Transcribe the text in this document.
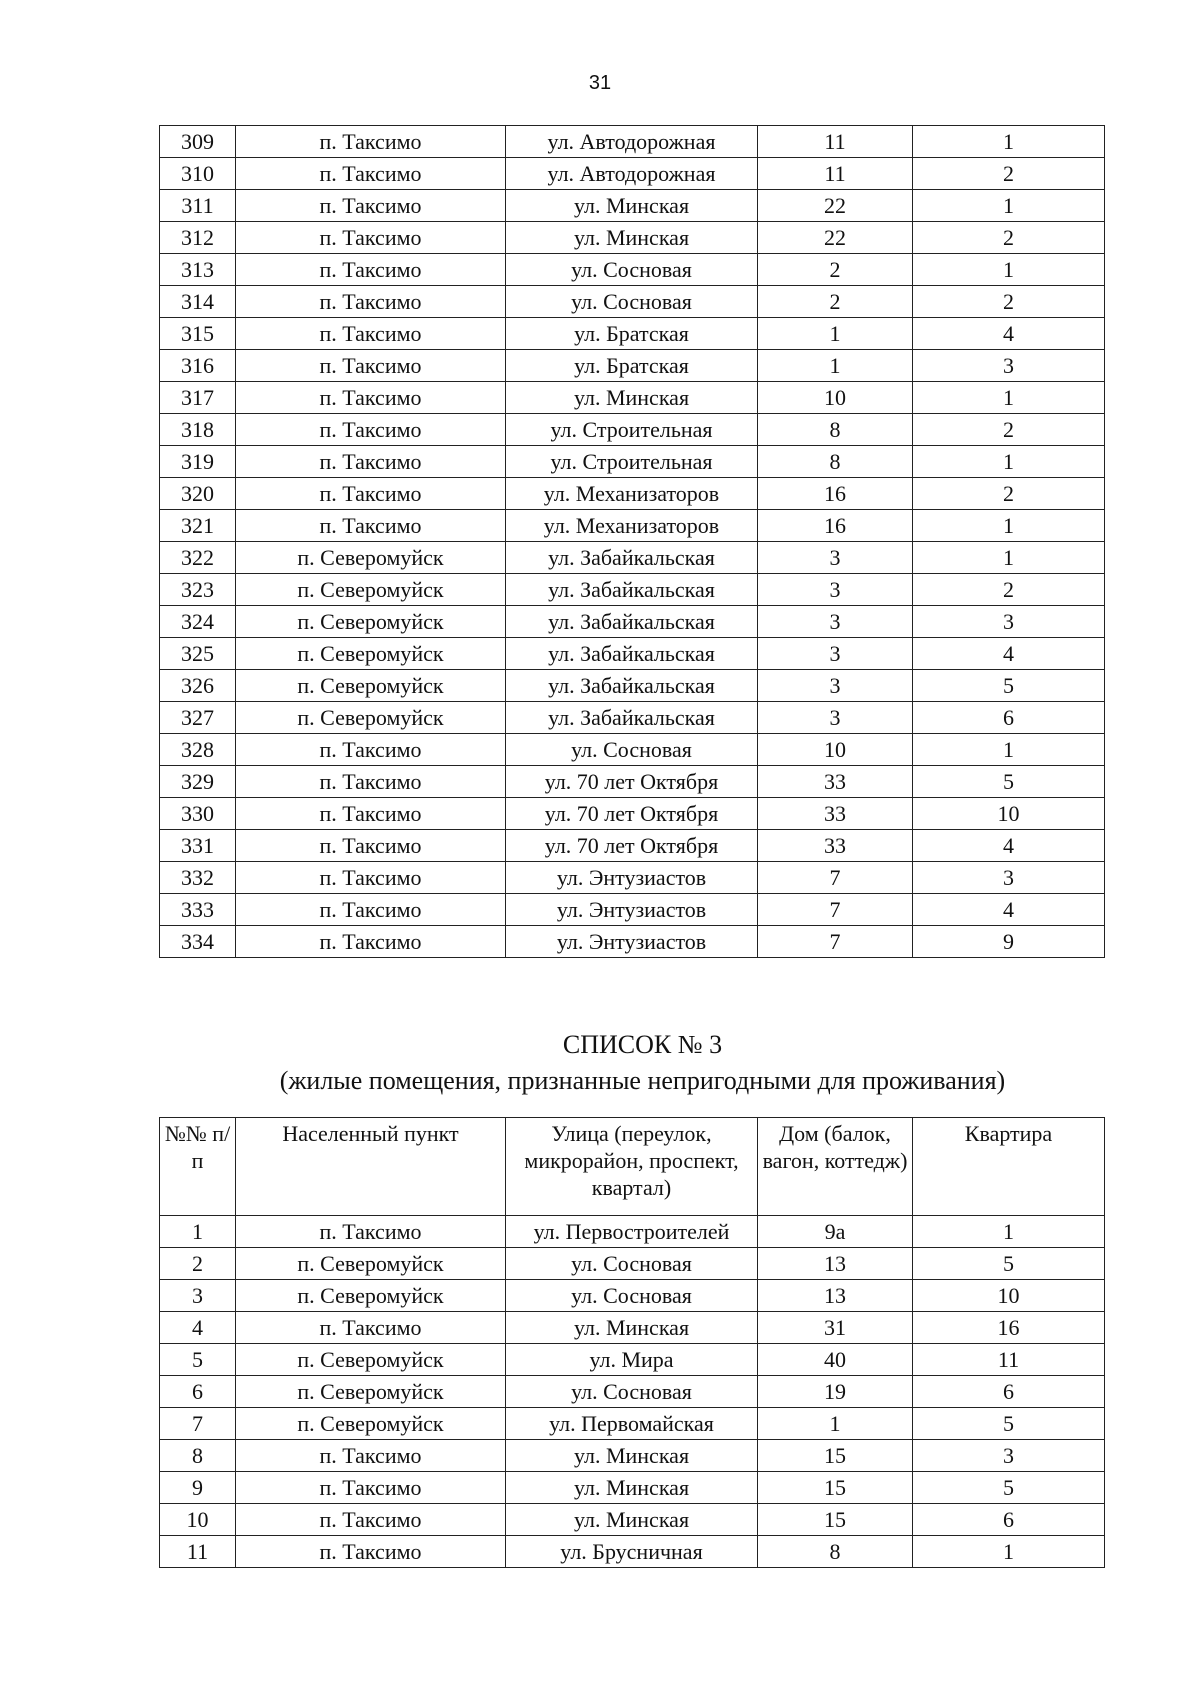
31
309	п. Таксимо	ул. Автодорожная	11	1
310	п. Таксимо	ул. Автодорожная	11	2
311	п. Таксимо	ул. Минская	22	1
312	п. Таксимо	ул. Минская	22	2
313	п. Таксимо	ул. Сосновая	2	1
314	п. Таксимо	ул. Сосновая	2	2
315	п. Таксимо	ул. Братская	1	4
316	п. Таксимо	ул. Братская	1	3
317	п. Таксимо	ул. Минская	10	1
318	п. Таксимо	ул. Строительная	8	2
319	п. Таксимо	ул. Строительная	8	1
320	п. Таксимо	ул. Механизаторов	16	2
321	п. Таксимо	ул. Механизаторов	16	1
322	п. Северомуйск	ул. Забайкальская	3	1
323	п. Северомуйск	ул. Забайкальская	3	2
324	п. Северомуйск	ул. Забайкальская	3	3
325	п. Северомуйск	ул. Забайкальская	3	4
326	п. Северомуйск	ул. Забайкальская	3	5
327	п. Северомуйск	ул. Забайкальская	3	6
328	п. Таксимо	ул. Сосновая	10	1
329	п. Таксимо	ул. 70 лет Октября	33	5
330	п. Таксимо	ул. 70 лет Октября	33	10
331	п. Таксимо	ул. 70 лет Октября	33	4
332	п. Таксимо	ул. Энтузиастов	7	3
333	п. Таксимо	ул. Энтузиастов	7	4
334	п. Таксимо	ул. Энтузиастов	7	9
СПИСОК № 3
(жилые помещения, признанные непригодными для проживания)
№№ п/п	Населенный пункт	Улица (переулок, микрорайон, проспект, квартал)	Дом (балок, вагон, коттедж)	Квартира
1	п. Таксимо	ул. Первостроителей	9а	1
2	п. Северомуйск	ул. Сосновая	13	5
3	п. Северомуйск	ул. Сосновая	13	10
4	п. Таксимо	ул. Минская	31	16
5	п. Северомуйск	ул. Мира	40	11
6	п. Северомуйск	ул. Сосновая	19	6
7	п. Северомуйск	ул. Первомайская	1	5
8	п. Таксимо	ул. Минская	15	3
9	п. Таксимо	ул. Минская	15	5
10	п. Таксимо	ул. Минская	15	6
11	п. Таксимо	ул. Брусничная	8	1
